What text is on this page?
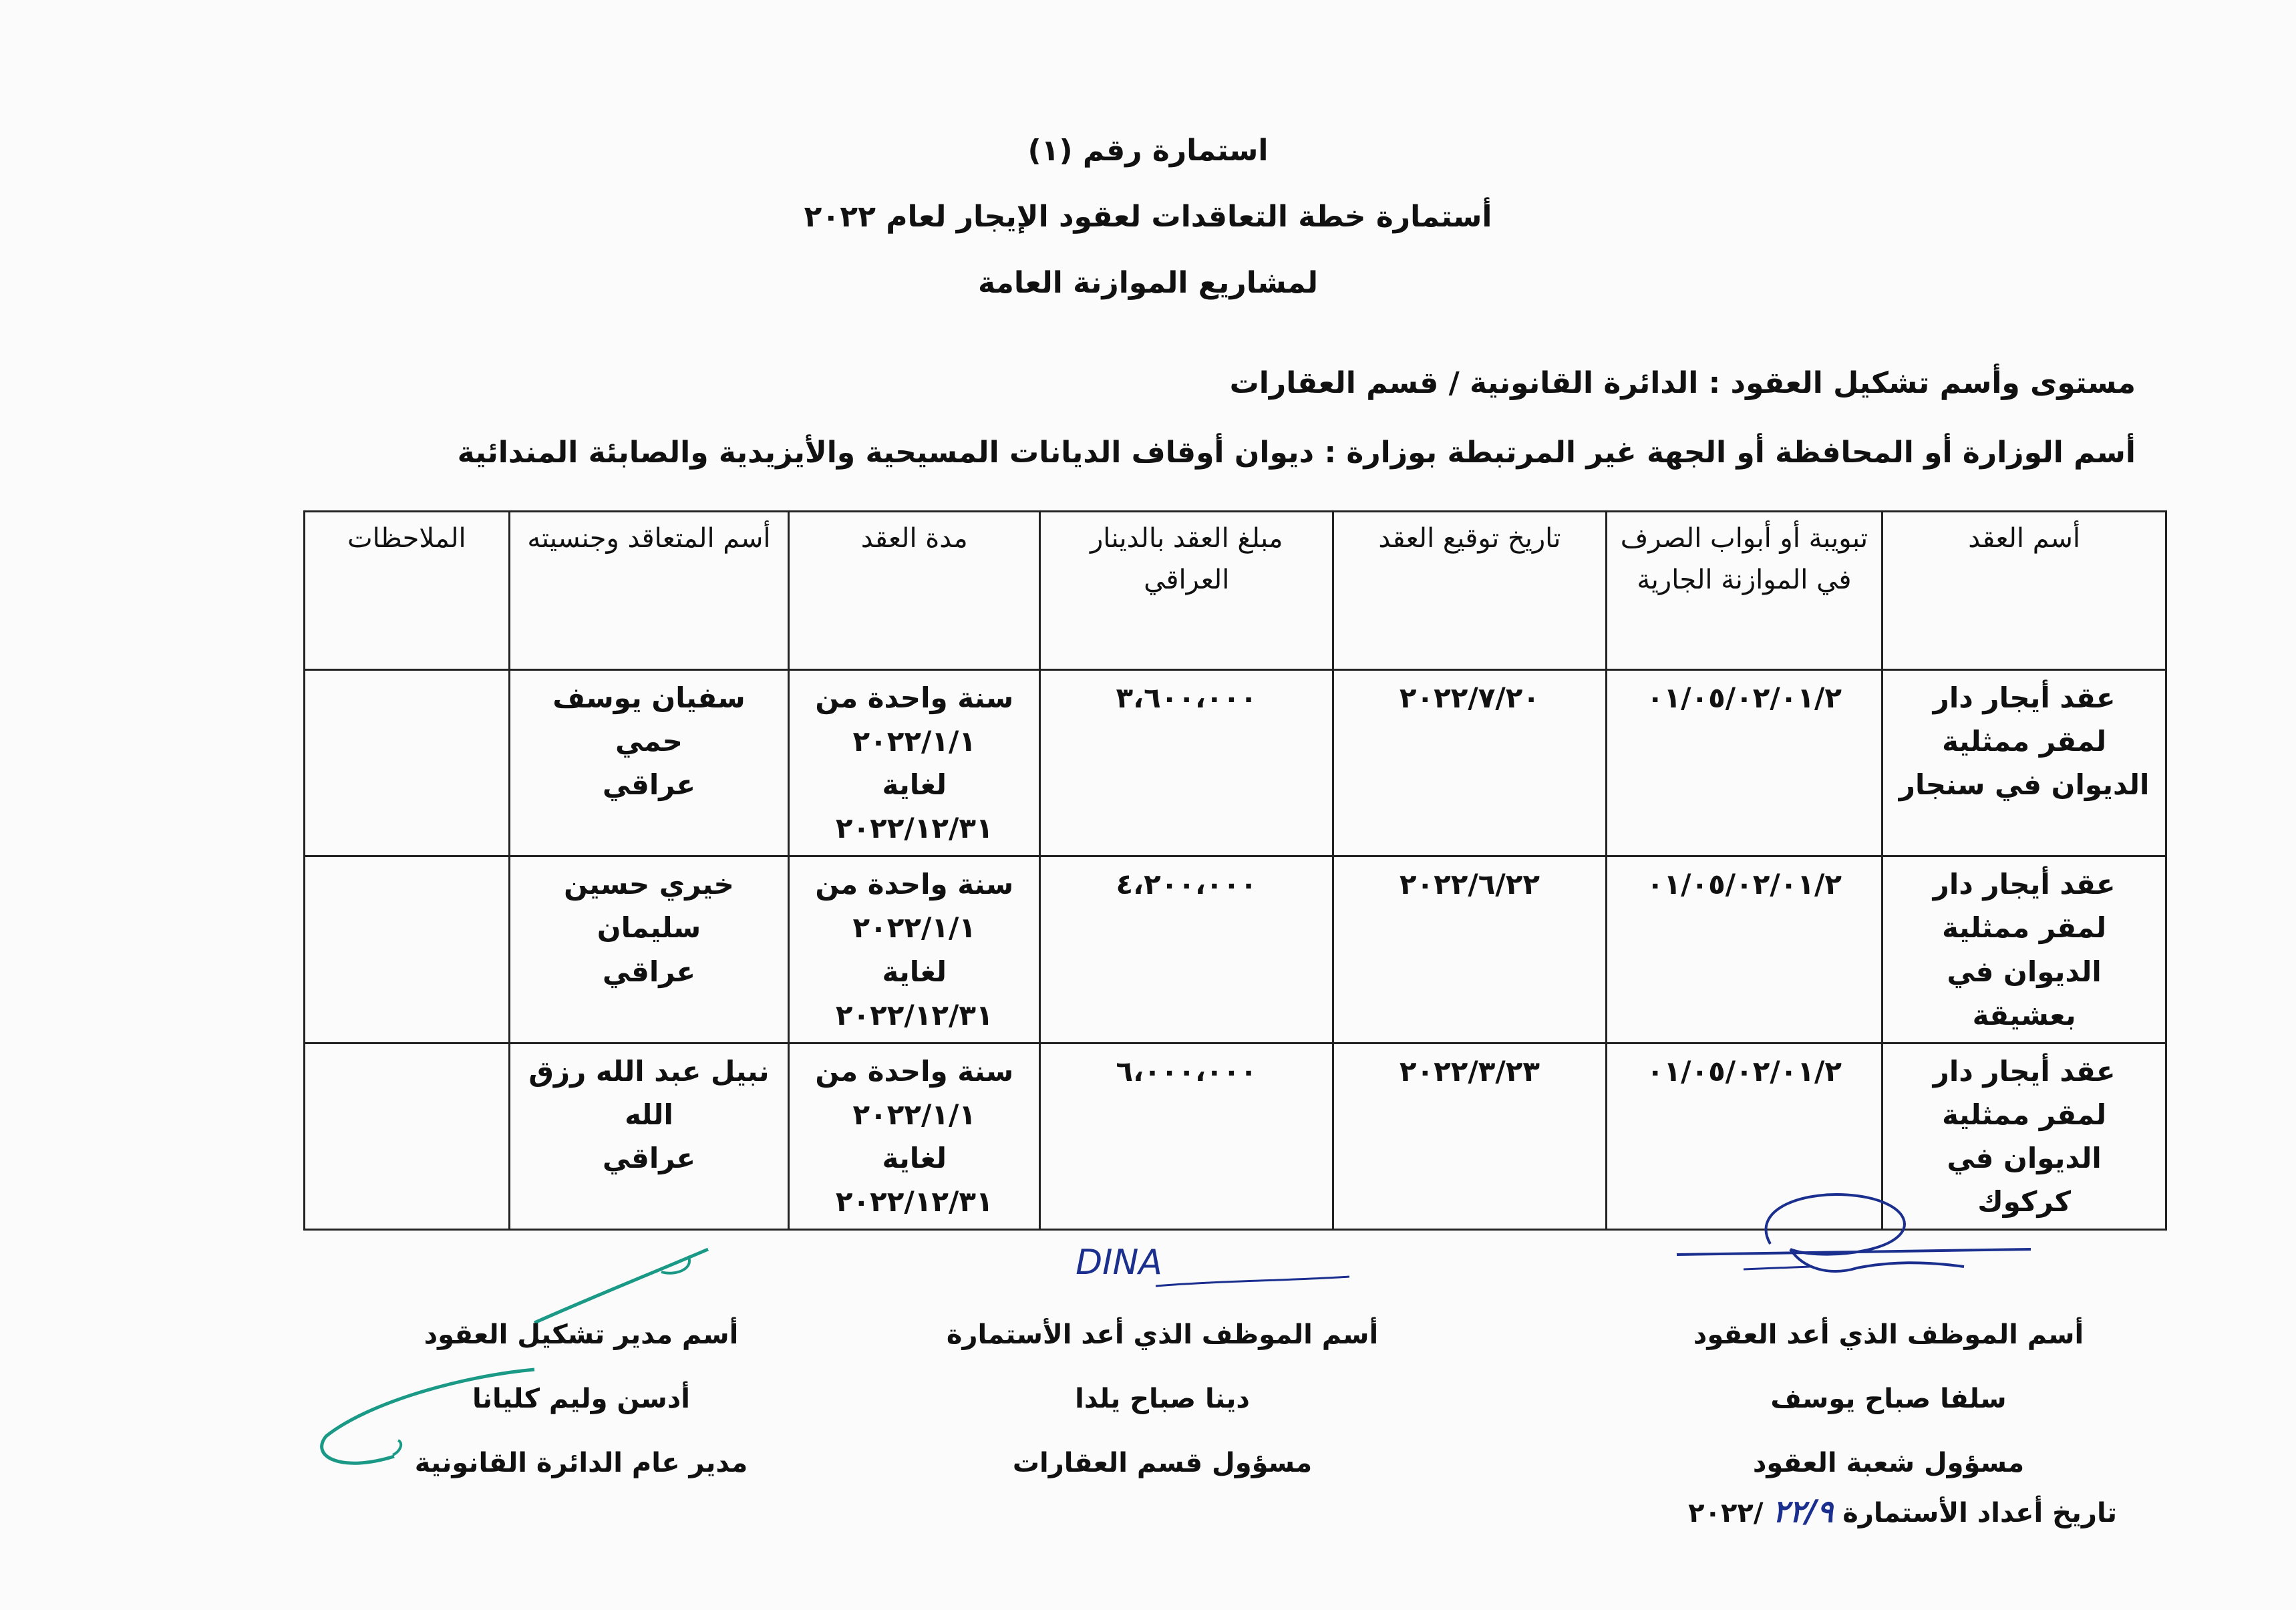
استمارة رقم (١)
أستمارة خطة التعاقدات لعقود الإيجار لعام ٢٠٢٢
لمشاريع الموازنة العامة
مستوى وأسم تشكيل العقود : الدائرة القانونية / قسم العقارات
أسم الوزارة أو المحافظة أو الجهة غير المرتبطة بوزارة : ديوان أوقاف الديانات المسيحية والأيزيدية والصابئة المندائية
أسم العقد	تبويبة أو أبواب الصرف في الموازنة الجارية	تاريخ توقيع العقد	مبلغ العقد بالدينار العراقي	مدة العقد	أسم المتعاقد وجنسيته	الملاحظات
عقد أيجار دار لمقر ممثلية الديوان في سنجار	٠١/٠٥/٠٢/٠١/٢	٢٠٢٢/٧/٢٠	٣،٦٠٠،٠٠٠	سنة واحدة من
٢٠٢٢/١/١
لغاية
٢٠٢٢/١٢/٣١	سفيان يوسف حمي
عراقي	

عقد أيجار دار لمقر ممثلية الديوان في بعشيقة	٠١/٠٥/٠٢/٠١/٢	٢٠٢٢/٦/٢٢	٤،٢٠٠،٠٠٠	سنة واحدة من
٢٠٢٢/١/١
لغاية
٢٠٢٢/١٢/٣١	خيري حسين سليمان
عراقي	

عقد أيجار دار لمقر ممثلية الديوان في كركوك	٠١/٠٥/٠٢/٠١/٢	٢٠٢٢/٣/٢٣	٦،٠٠٠،٠٠٠	سنة واحدة من
٢٠٢٢/١/١
لغاية
٢٠٢٢/١٢/٣١	نبيل عبد الله رزق الله
عراقي	

DINA
أسم الموظف الذي أعد العقود
سلفا صباح يوسف
مسؤول شعبة العقود
أسم الموظف الذي أعد الأستمارة
دينا صباح يلدا
مسؤول قسم العقارات
أسم مدير تشكيل العقود
أدسن وليم كليانا
مدير عام الدائرة القانونية
تاريخ أعداد الأستمارة ٢٢/٩ /٢٠٢٢
